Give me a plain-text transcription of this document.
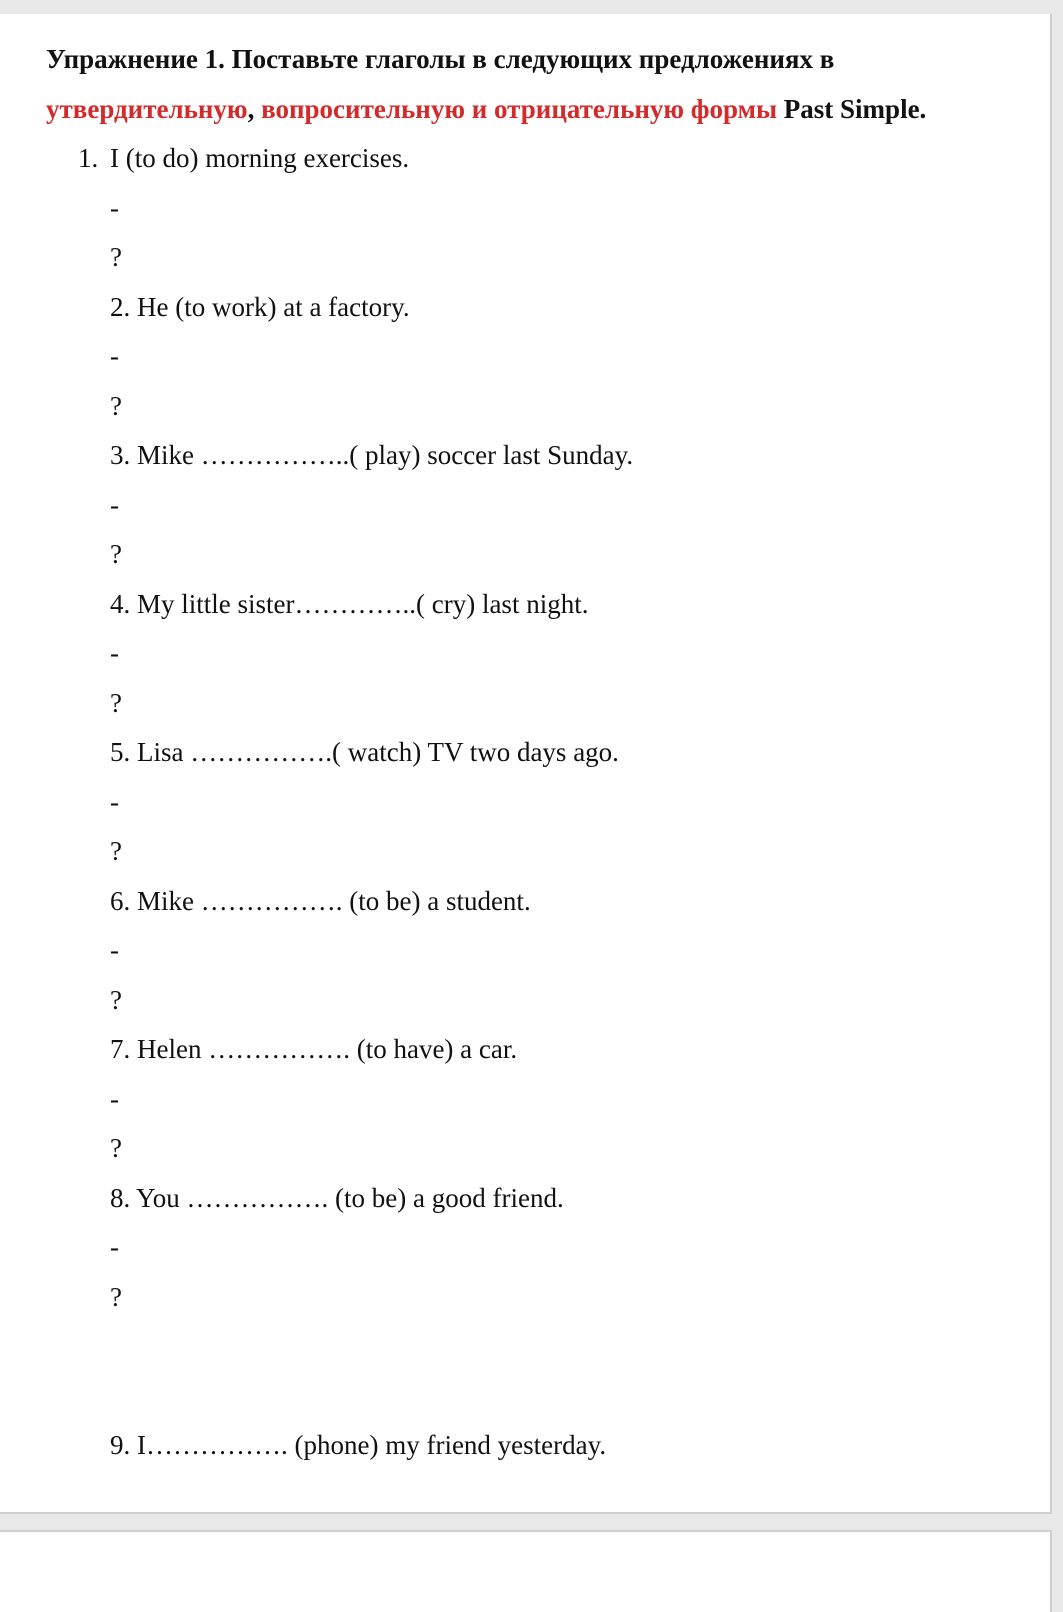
Упражнение 1. Поставьте глаголы в следующих предложениях в
утвердительную, вопросительную и отрицательную формы Past Simple.
1. I (to do) morning exercises.
-
?
2. He (to work) at a factory.
-
?
3. Mike ……………..( play) soccer last Sunday.
-
?
4. My little sister…………..( cry) last night.
-
?
5. Lisa …………….( watch) TV two days ago.
-
?
6. Mike ……………. (to be) a student.
-
?
7. Helen ……………. (to have) a car.
-
?
8. You ……………. (to be) a good friend.
-
?
9. I……………. (phone) my friend yesterday.
